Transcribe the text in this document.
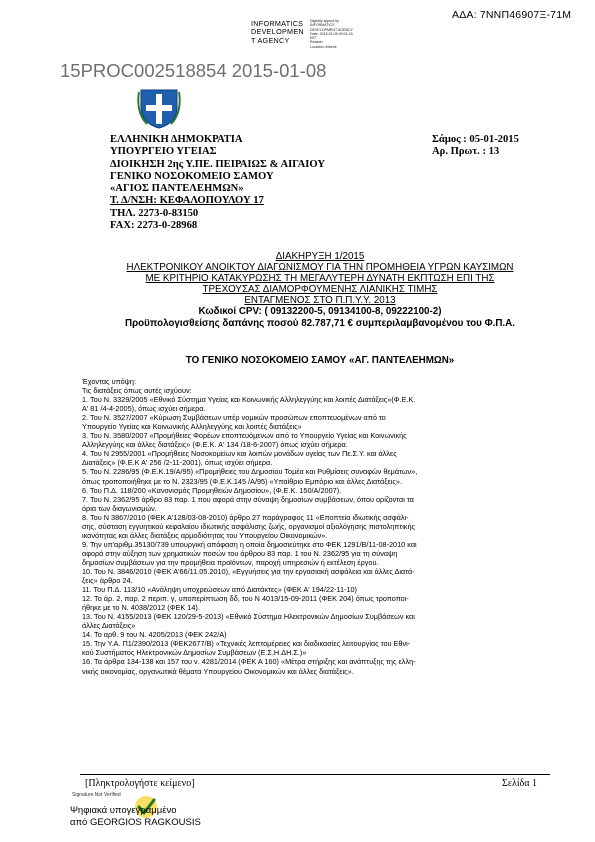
ΑΔΑ: 7ΝΝΠ46907Ξ-71Μ
INFORMATICS
DEVELOPMEN
T AGENCY
Digitally signed by
INFORMATICS
DEVELOPMENT AGENCY
Date: 2015.01.08 09:01:16
EET
Reason:
Location: Athens
15PROC002518854 2015-01-08
ΕΛΛΗΝΙΚΗ ΔΗΜΟΚΡΑΤΙΑ
ΥΠΟΥΡΓΕΙΟ ΥΓΕΙΑΣ
ΔΙΟΙΚΗΣΗ 2ης Υ.ΠΕ. ΠΕΙΡΑΙΩΣ & ΑΙΓΑΙΟΥ
ΓΕΝΙΚΟ ΝΟΣΟΚΟΜΕΙΟ ΣΑΜΟΥ
«ΑΓΙΟΣ ΠΑΝΤΕΛΕΗΜΩΝ»
Τ. Δ/ΝΣΗ: ΚΕΦΑΛΟΠΟΥΛΟΥ 17
ΤΗΛ. 2273-0-83150
FAX: 2273-0-28968
Σάμος : 05-01-2015
Αρ. Πρωτ. : 13
ΔΙΑΚΗΡΥΞΗ 1/2015
ΗΛΕΚΤΡΟΝΙΚΟΥ ΑΝΟΙΚΤΟΥ ΔΙΑΓΩΝΙΣΜΟΥ ΓΙΑ ΤΗΝ ΠΡΟΜΗΘΕΙΑ ΥΓΡΩΝ ΚΑΥΣΙΜΩΝ
ΜΕ ΚΡΙΤΗΡΙΟ ΚΑΤΑΚΥΡΩΣΗΣ ΤΗ ΜΕΓΑΛΥΤΕΡΗ ΔΥΝΑΤΗ ΕΚΠΤΩΣΗ ΕΠΙ ΤΗΣ
ΤΡΕΧΟΥΣΑΣ ΔΙΑΜΟΡΦΟΥΜΕΝΗΣ ΛΙΑΝΙΚΗΣ ΤΙΜΗΣ
ΕΝΤΑΓΜΕΝΟΣ ΣΤΟ Π.Π.Υ.Υ. 2013
Κωδικοί CPV: ( 09132200-5, 09134100-8, 09222100-2)
Προϋπολογισθείσης δαπάνης ποσού 82.787,71 € συμπεριλαμβανομένου του Φ.Π.Α.
ΤΟ ΓΕΝΙΚΟ ΝΟΣΟΚΟΜΕΙΟ ΣΑΜΟΥ «ΑΓ. ΠΑΝΤΕΛΕΗΜΩΝ»
Έχοντας υπόψη:
Τις διατάξεις όπως αυτές ισχύουν:
1. Του Ν. 3329/2005 «Εθνικό Σύστημα Υγείας και Κοινωνικής Αλληλεγγύης και λοιπές Διατάξεις»(Φ.Ε.Κ.
Α' 81 /4-4-2005), όπως ισχύει σήμερα.
2. Του Ν. 3527/2007 «Κύρωση Συμβάσεων υπέρ νομικών προσώπων εποπτευομένων από το
Υπουργείο Υγείας και Κοινωνικής Αλληλεγγύης και λοιπές διατάξεις»
3. Του Ν. 3580/2007 «Προμήθειες Φορέων εποπτευόμενων από το Υπουργείο Υγείας και Κοινωνικής
Αλληλεγγύης και άλλες διατάξεις» (Φ.Ε.Κ. Α' 134 /18-6-2007) όπως ισχύει σήμερα.
4. Του Ν 2955/2001 «Προμήθειες Νοσοκομείων και λοιπών μονάδων υγείας των Πε.Σ.Υ. και άλλες
Διατάξεις» (Φ.Ε.Κ Α' 256 /2-11-2001), όπως ισχύει σήμερα.
5. Του Ν. 2286/95 (Φ.Ε.Κ.19/Α/95) «Προμήθειες του Δημοσίου Τομέα και Ρυθμίσεις συναφών θεμάτων»,
όπως τροποποιήθηκε με το Ν. 2323/95 (Φ.Ε.Κ.145 /Α/95) «Υπαίθριο Εμπόριο και άλλες Διατάξεις».
6. Του Π.Δ. 118/200 «Κανονισμός Προμηθειών Δημοσίου», (Φ.Ε.Κ. 150/Α/2007).
7. Του Ν. 2362/95 άρθρο 83 παρ. 1 που αφορά στην σύναψη δημοσίων συμβάσεων, όπου ορίζονται τα
όρια των διαγωνισμών.
8. Του Ν 3867/2010 (ΦΕΚ Α'128/03-08-2010) άρθρο 27 παράγραφος 11 «Εποπτεία ιδιωτικής ασφάλι-
σης, σύσταση εγγυητικού κεφαλαίου ιδιωτικής ασφάλισης ζωής, οργανισμοί αξιολόγησης πιστοληπτικής
ικανότητας και άλλες διατάξεις αρμοδιότητας του Υπουργείου Οικονομικών».
9. Την υπ'αριθμ.35130/739 υπουργική απόφαση η οποία δημοσιεύτηκε στο ΦΕΚ 1291/Β/11-08-2010 και
αφορά στην αύξηση των χρηματικών ποσών του άρθρου 83 παρ. 1 του Ν. 2362/95 για τη σύναψη
δημοσίων συμβάσεων για την προμήθεια προϊόντων, παροχή υπηρεσιών ή εκτέλεση έργου.
10. Του Ν. 3846/2010 (ΦΕΚ Α'66/11.05.2010), «Εγγυήσεις για την εργασιακή ασφάλεια και άλλες Διατά-
ξεις» άρθρο 24.
11. Του Π.Δ. 113/10 «Ανάληψη υποχρεώσεων από Διατάκτες» (ΦΕΚ Α' 194/22-11-10)
12. Το άρ. 2, παρ. 2 περιπ. γ, υποπερίπτωση δδ, του Ν 4013/15-09-2011 (ΦΕΚ 204) όπως τροποποι-
ήθηκε με το Ν. 4038/2012 (ΦΕΚ 14).
13. Του Ν. 4155/2013 (ΦΕΚ 120/29-5-2013) «Εθνικό Σύστημα Ηλεκτρονικών Δημοσίων Συμβάσεων και
άλλες Διατάξεις»
14. Το αρθ. 9 του Ν. 4205/2013 (ΦΕΚ 242/Α)
15. Την Υ.Α. Π1/2390/2013 (ΦΕΚ2677/Β) «Τεχνικές λεπτομέρειες και διαδικασίες λειτουργίας του Εθνι-
κού Συστήματος Ηλεκτρονικών Δημοσίων Συμβάσεων (Ε.Σ.Η.ΔΗ.Σ.)»
16. Τα άρθρα 134-138 και 157 του ν. 4281/2014 (ΦΕΚ Α 160) «Μέτρα στήριξης και ανάπτυξης της ελλη-
νικής οικονομίας, οργανωτικά θέματα Υπουργείου Οικονομικών και άλλες διατάξεις».
[Πληκτρολογήστε κείμενο]	Σελίδα 1
Signature Not Verified
Ψηφιακά υπογεγραμμένο
από GEORGIOS RAGKOUSIS
